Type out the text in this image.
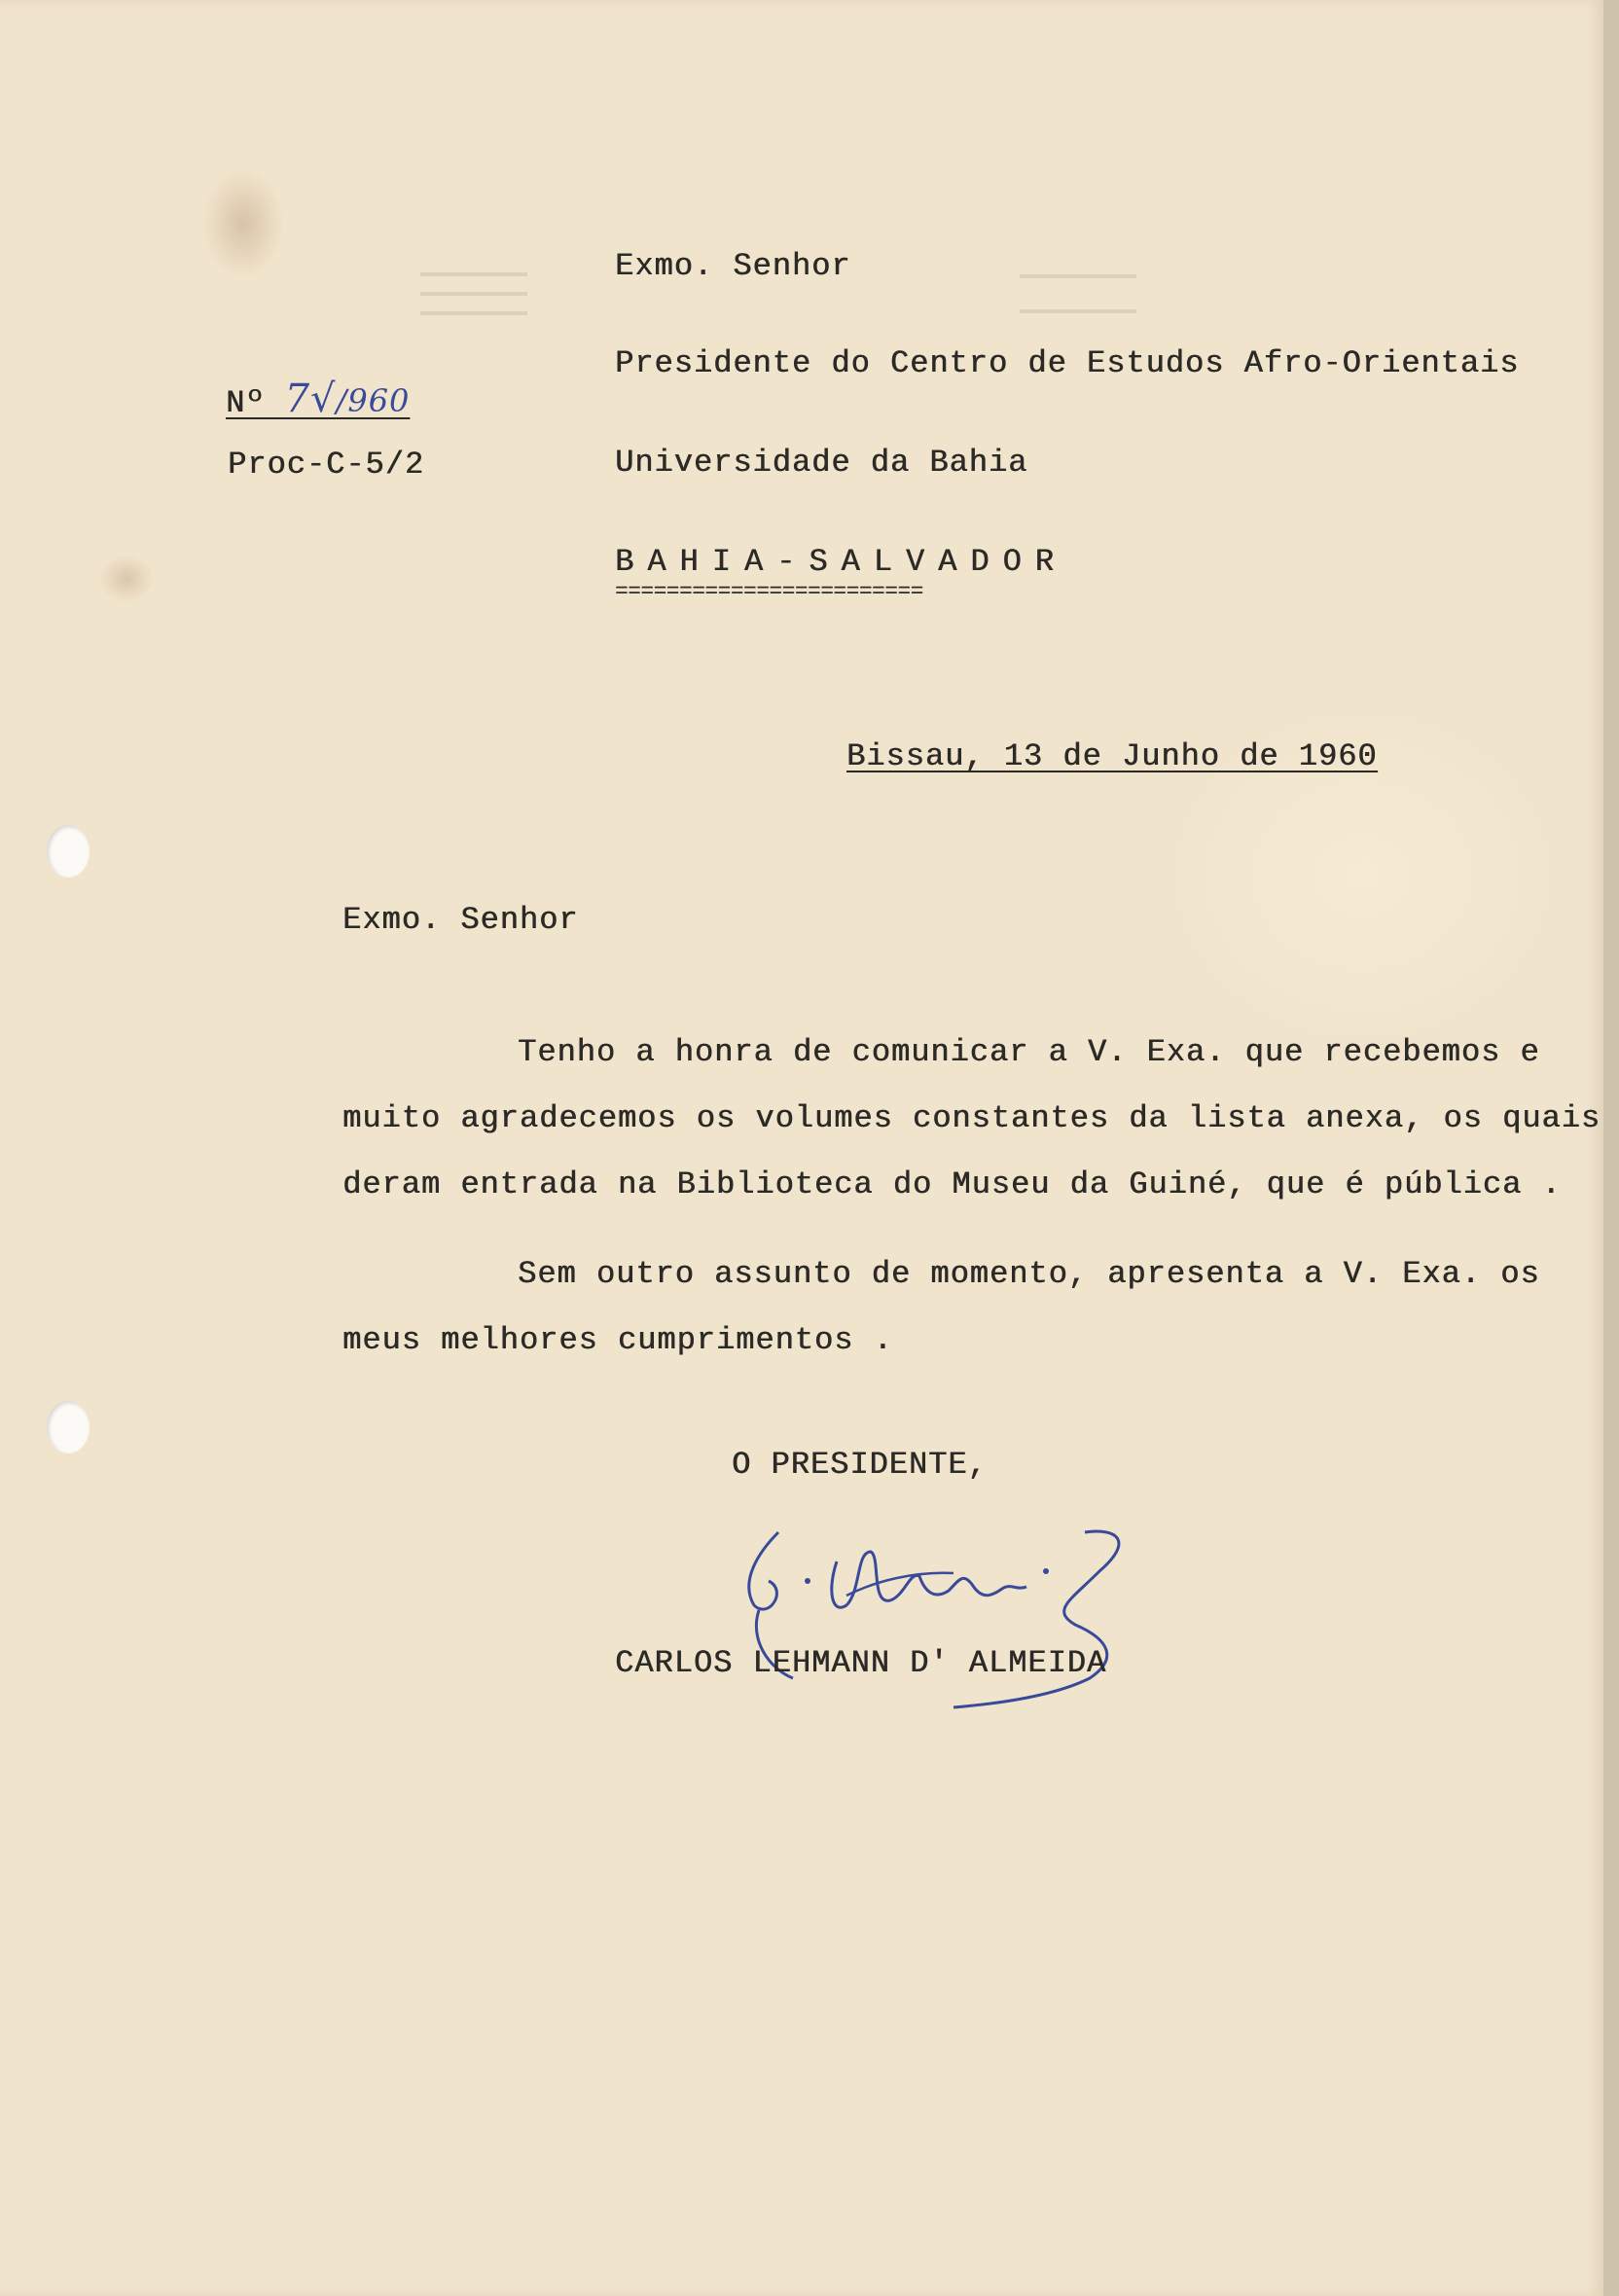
Nº 7√/960
Proc-C-5/2
Exmo. Senhor
Presidente do Centro de Estudos Afro-Orientais
Universidade da Bahia
BAHIA-SALVADOR
========================
Bissau, 13 de Junho de 1960
Exmo. Senhor
Tenho a honra de comunicar a V. Exa. que recebemos e
muito agradecemos os volumes constantes da lista anexa, os quais
deram entrada na Biblioteca do Museu da Guiné, que é pública .
Sem outro assunto de momento, apresenta a V. Exa. os
meus melhores cumprimentos .
O PRESIDENTE,
CARLOS LEHMANN D' ALMEIDA
